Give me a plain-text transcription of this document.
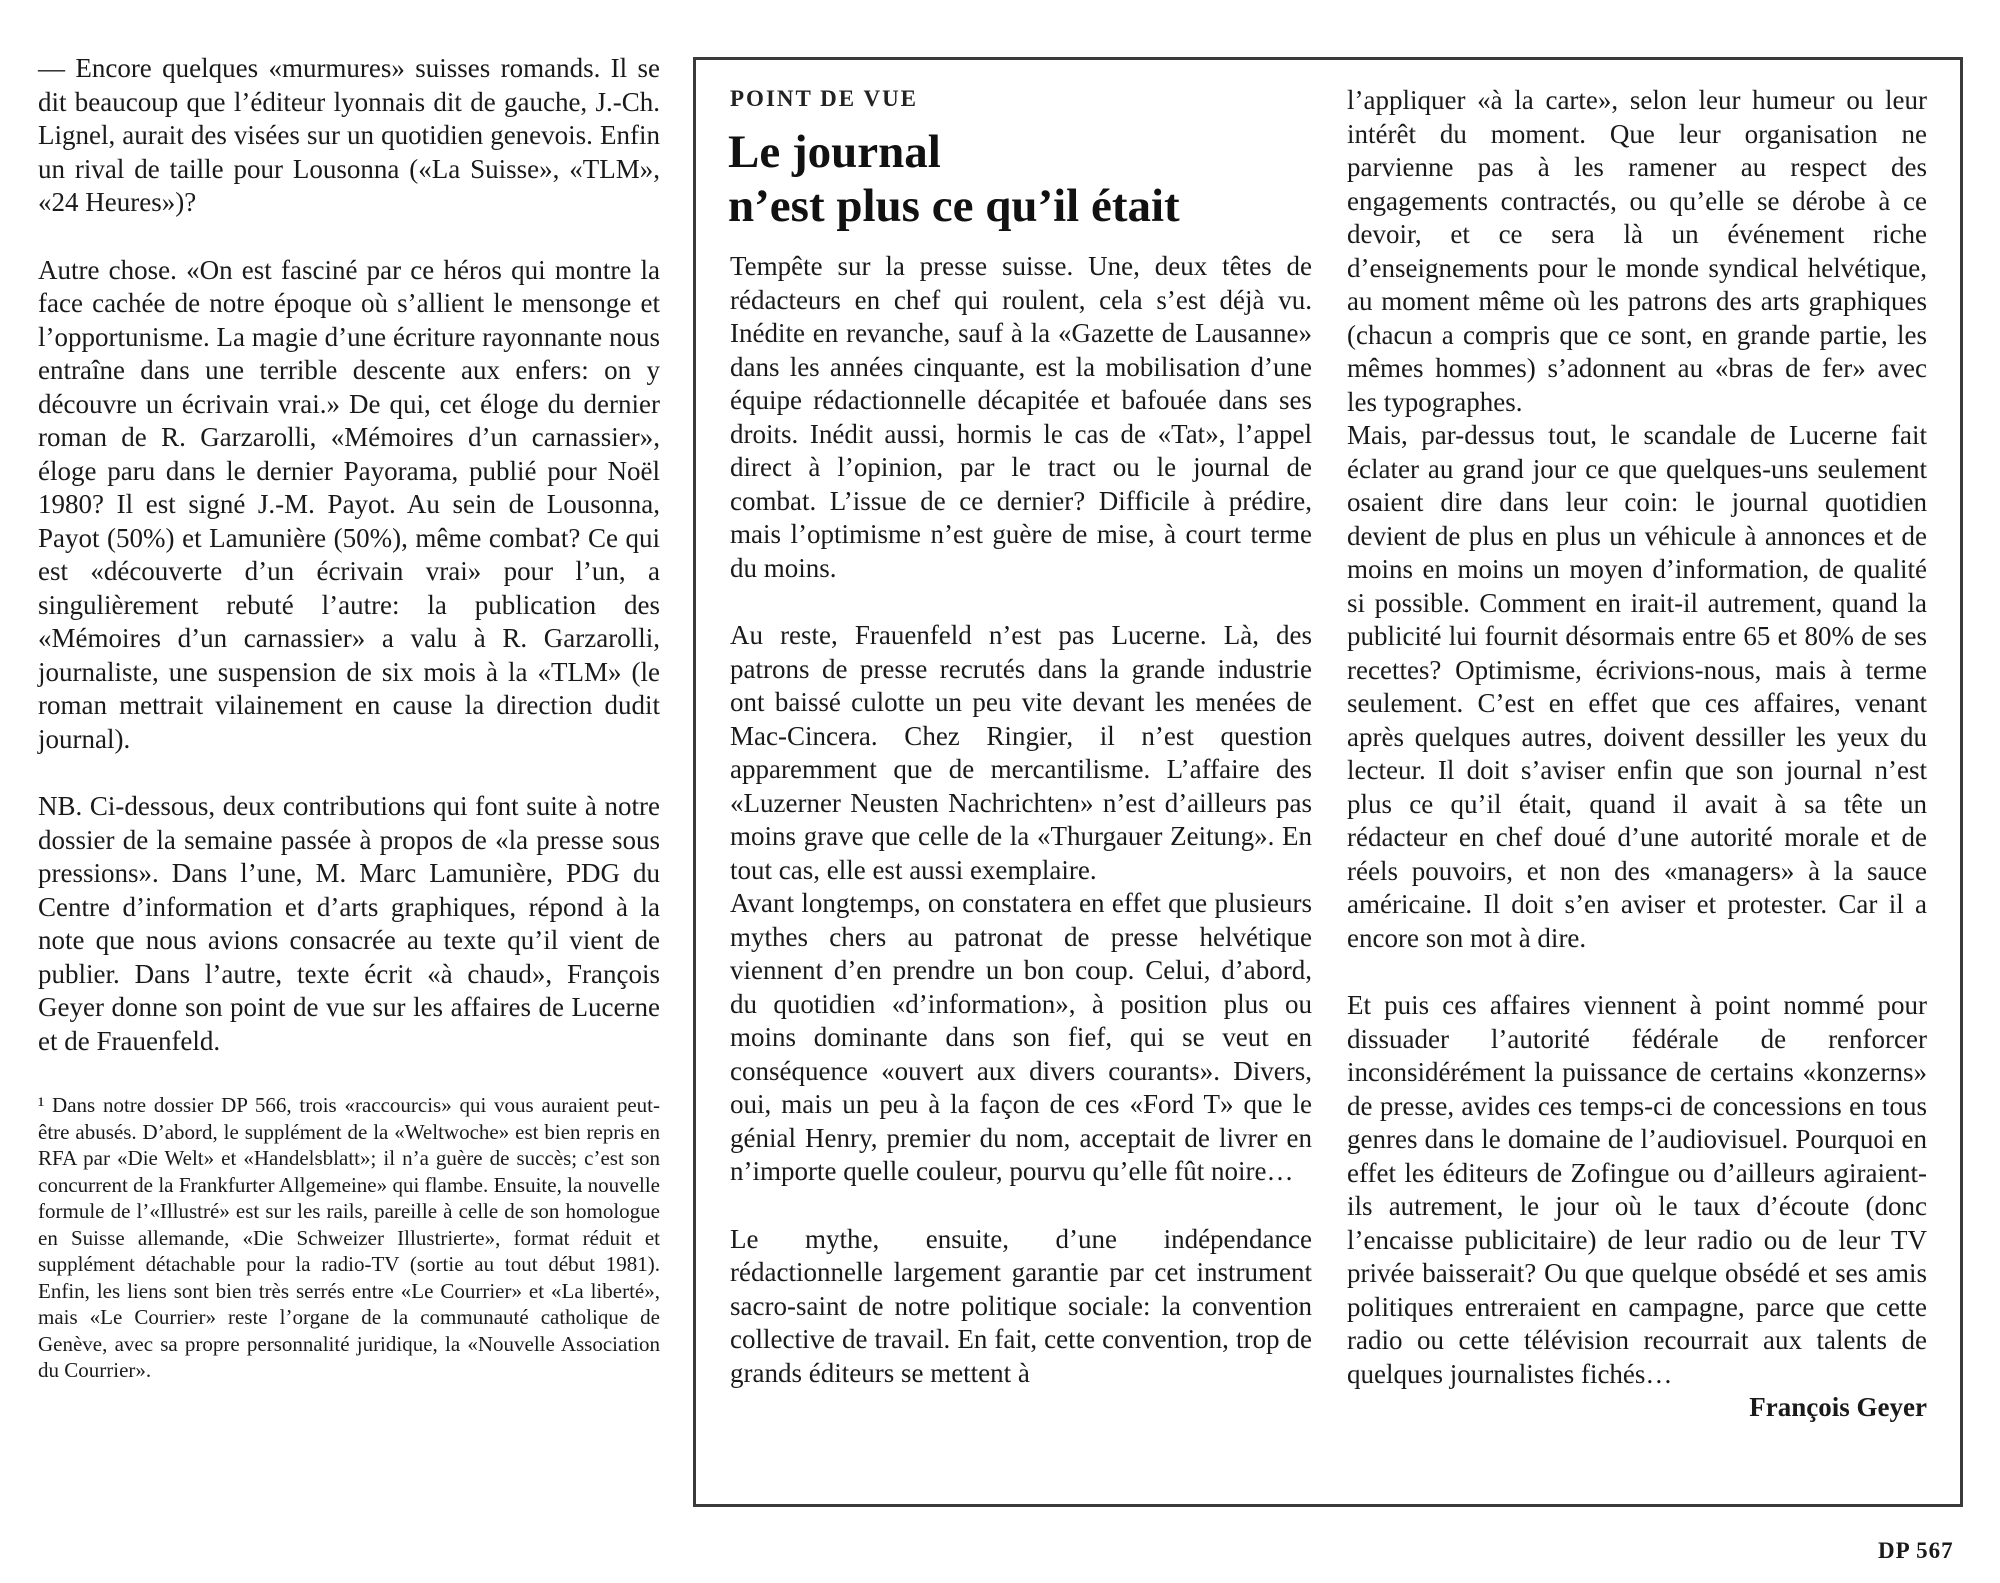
— Encore quelques «murmures» suisses romands. Il se dit beaucoup que l’éditeur lyonnais dit de gauche, J.-Ch. Lignel, aurait des visées sur un quotidien genevois. Enfin un rival de taille pour Lousonna («La Suisse», «TLM», «24 Heures»)?

Autre chose. «On est fasciné par ce héros qui montre la face cachée de notre époque où s’allient le mensonge et l’opportunisme. La magie d’une écriture rayonnante nous entraîne dans une terrible descente aux enfers: on y découvre un écrivain vrai.» De qui, cet éloge du dernier roman de R. Garzarolli, «Mémoires d’un carnassier», éloge paru dans le dernier Payorama, publié pour Noël 1980? Il est signé J.-M. Payot. Au sein de Lousonna, Payot (50%) et Lamunière (50%), même combat? Ce qui est «découverte d’un écrivain vrai» pour l’un, a singulièrement rebuté l’autre: la publication des «Mémoires d’un carnassier» a valu à R. Garzarolli, journaliste, une suspension de six mois à la «TLM» (le roman mettrait vilainement en cause la direction dudit journal).

NB. Ci-dessous, deux contributions qui font suite à notre dossier de la semaine passée à propos de «la presse sous pressions». Dans l’une, M. Marc Lamunière, PDG du Centre d’information et d’arts graphiques, répond à la note que nous avions consacrée au texte qu’il vient de publier. Dans l’autre, texte écrit «à chaud», François Geyer donne son point de vue sur les affaires de Lucerne et de Frauenfeld.

¹ Dans notre dossier DP 566, trois «raccourcis» qui vous auraient peut-être abusés. D’abord, le supplément de la «Weltwoche» est bien repris en RFA par «Die Welt» et «Handelsblatt»; il n’a guère de succès; c’est son concurrent de la Frankfurter Allgemeine» qui flambe. Ensuite, la nouvelle formule de l’«Illustré» est sur les rails, pareille à celle de son homologue en Suisse allemande, «Die Schweizer Illustrierte», format réduit et supplément détachable pour la radio-TV (sortie au tout début 1981). Enfin, les liens sont bien très serrés entre «Le Courrier» et «La liberté», mais «Le Courrier» reste l’organe de la communauté catholique de Genève, avec sa propre personnalité juridique, la «Nouvelle Association du Courrier».

POINT DE VUE
Le journal
n’est plus ce qu’il était

Tempête sur la presse suisse. Une, deux têtes de rédacteurs en chef qui roulent, cela s’est déjà vu. Inédite en revanche, sauf à la «Gazette de Lausanne» dans les années cinquante, est la mobilisation d’une équipe rédactionnelle décapitée et bafouée dans ses droits. Inédit aussi, hormis le cas de «Tat», l’appel direct à l’opinion, par le tract ou le journal de combat. L’issue de ce dernier? Difficile à prédire, mais l’optimisme n’est guère de mise, à court terme du moins.

Au reste, Frauenfeld n’est pas Lucerne. Là, des patrons de presse recrutés dans la grande industrie ont baissé culotte un peu vite devant les menées de Mac-Cincera. Chez Ringier, il n’est question apparemment que de mercantilisme. L’affaire des «Luzerner Neusten Nachrichten» n’est d’ailleurs pas moins grave que celle de la «Thurgauer Zeitung». En tout cas, elle est aussi exemplaire.

Avant longtemps, on constatera en effet que plusieurs mythes chers au patronat de presse helvétique viennent d’en prendre un bon coup. Celui, d’abord, du quotidien «d’information», à position plus ou moins dominante dans son fief, qui se veut en conséquence «ouvert aux divers courants». Divers, oui, mais un peu à la façon de ces «Ford T» que le génial Henry, premier du nom, acceptait de livrer en n’importe quelle couleur, pourvu qu’elle fût noire…

Le mythe, ensuite, d’une indépendance rédactionnelle largement garantie par cet instrument sacro-saint de notre politique sociale: la convention collective de travail. En fait, cette convention, trop de grands éditeurs se mettent à

l’appliquer «à la carte», selon leur humeur ou leur intérêt du moment. Que leur organisation ne parvienne pas à les ramener au respect des engagements contractés, ou qu’elle se dérobe à ce devoir, et ce sera là un événement riche d’enseignements pour le monde syndical helvétique, au moment même où les patrons des arts graphiques (chacun a compris que ce sont, en grande partie, les mêmes hommes) s’adonnent au «bras de fer» avec les typographes.

Mais, par-dessus tout, le scandale de Lucerne fait éclater au grand jour ce que quelques-uns seulement osaient dire dans leur coin: le journal quotidien devient de plus en plus un véhicule à annonces et de moins en moins un moyen d’information, de qualité si possible. Comment en irait-il autrement, quand la publicité lui fournit désormais entre 65 et 80% de ses recettes? Optimisme, écrivions-nous, mais à terme seulement. C’est en effet que ces affaires, venant après quelques autres, doivent dessiller les yeux du lecteur. Il doit s’aviser enfin que son journal n’est plus ce qu’il était, quand il avait à sa tête un rédacteur en chef doué d’une autorité morale et de réels pouvoirs, et non des «managers» à la sauce américaine. Il doit s’en aviser et protester. Car il a encore son mot à dire.

Et puis ces affaires viennent à point nommé pour dissuader l’autorité fédérale de renforcer inconsidérément la puissance de certains «konzerns» de presse, avides ces temps-ci de concessions en tous genres dans le domaine de l’audiovisuel. Pourquoi en effet les éditeurs de Zofingue ou d’ailleurs agiraient-ils autrement, le jour où le taux d’écoute (donc l’encaisse publicitaire) de leur radio ou de leur TV privée baisserait? Ou que quelque obsédé et ses amis politiques entreraient en campagne, parce que cette radio ou cette télévision recourrait aux talents de quelques journalistes fichés…

François Geyer

DP 567
